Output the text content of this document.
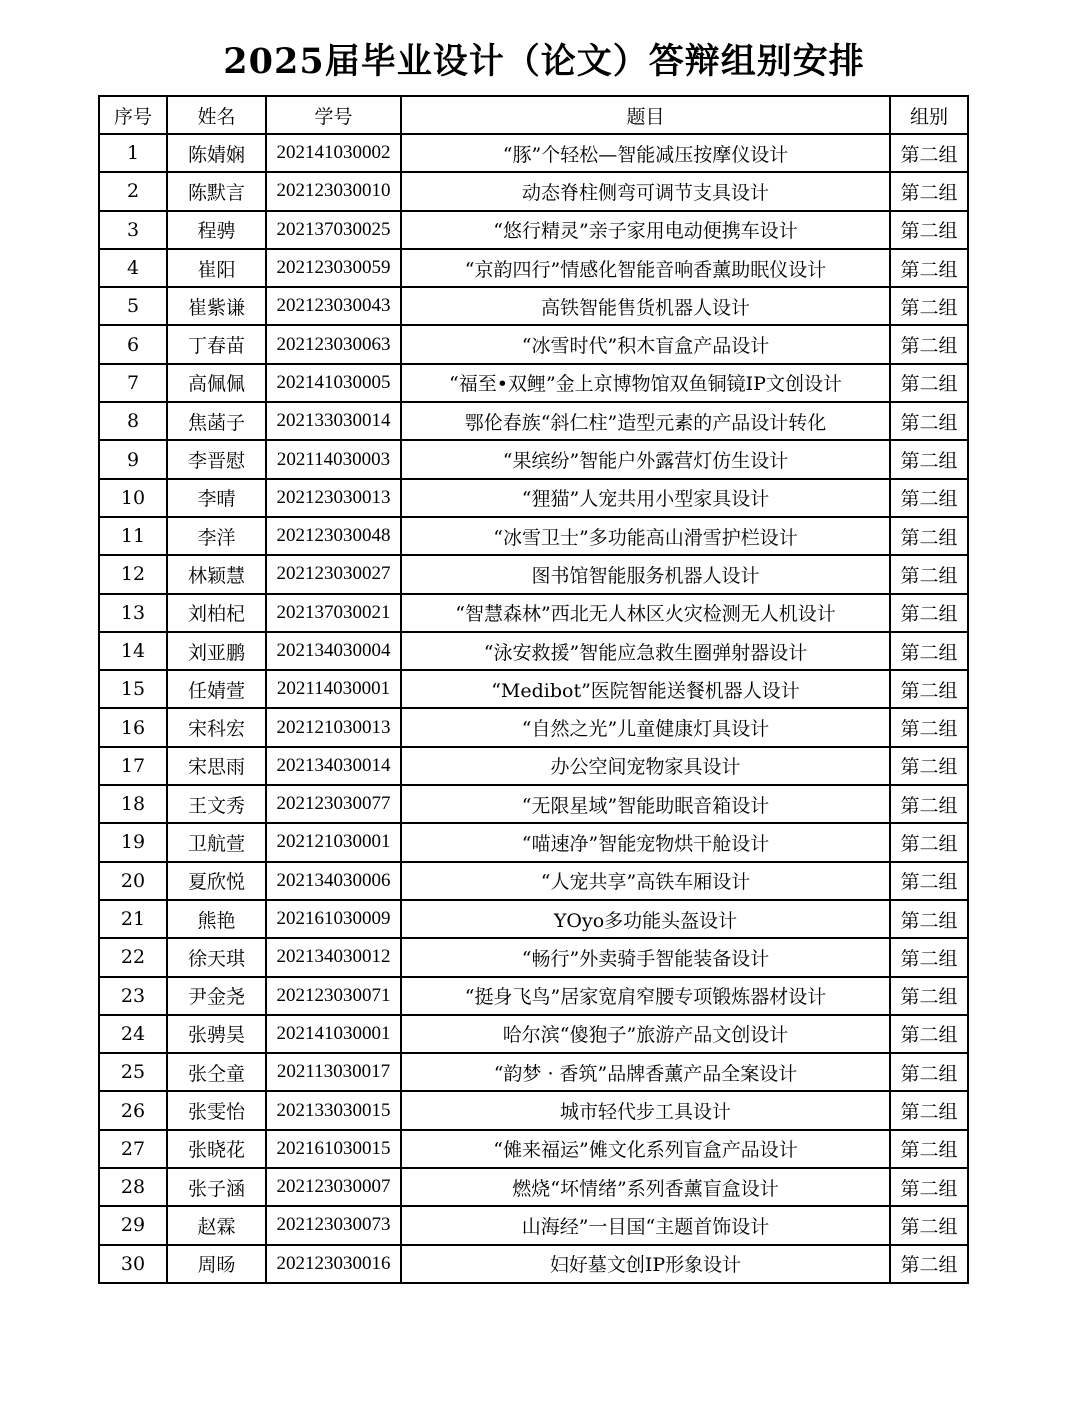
2025届毕业设计（论文）答辩组别安排
序号	姓名	学号	题目	组别
1	陈婧娴	202141030002	“豚”个轻松—智能减压按摩仪设计	第二组
2	陈默言	202123030010	动态脊柱侧弯可调节支具设计	第二组
3	程骋	202137030025	“悠行精灵”亲子家用电动便携车设计	第二组
4	崔阳	202123030059	“京韵四行”情感化智能音响香薰助眠仪设计	第二组
5	崔紫谦	202123030043	高铁智能售货机器人设计	第二组
6	丁春苗	202123030063	“冰雪时代”积木盲盒产品设计	第二组
7	高佩佩	202141030005	“福至•双鲤”金上京博物馆双鱼铜镜IP文创设计	第二组
8	焦菡子	202133030014	鄂伦春族“斜仁柱”造型元素的产品设计转化	第二组
9	李晋慰	202114030003	“果缤纷”智能户外露营灯仿生设计	第二组
10	李晴	202123030013	“狸猫”人宠共用小型家具设计	第二组
11	李洋	202123030048	“冰雪卫士”多功能高山滑雪护栏设计	第二组
12	林颖慧	202123030027	图书馆智能服务机器人设计	第二组
13	刘柏杞	202137030021	“智慧森林”西北无人林区火灾检测无人机设计	第二组
14	刘亚鹏	202134030004	“泳安救援”智能应急救生圈弹射器设计	第二组
15	任婧萱	202114030001	“Medibot”医院智能送餐机器人设计	第二组
16	宋科宏	202121030013	“自然之光”儿童健康灯具设计	第二组
17	宋思雨	202134030014	办公空间宠物家具设计	第二组
18	王文秀	202123030077	“无限星域”智能助眠音箱设计	第二组
19	卫航萱	202121030001	“喵速净”智能宠物烘干舱设计	第二组
20	夏欣悦	202134030006	“人宠共享”高铁车厢设计	第二组
21	熊艳	202161030009	YOyo多功能头盔设计	第二组
22	徐天琪	202134030012	“畅行”外卖骑手智能装备设计	第二组
23	尹金尧	202123030071	“挺身飞鸟”居家宽肩窄腰专项锻炼器材设计	第二组
24	张骋昊	202141030001	哈尔滨“傻狍子”旅游产品文创设计	第二组
25	张仝童	202113030017	“韵梦 · 香筑”品牌香薰产品全案设计	第二组
26	张雯怡	202133030015	城市轻代步工具设计	第二组
27	张晓花	202161030015	“傩来福运”傩文化系列盲盒产品设计	第二组
28	张子涵	202123030007	燃烧“坏情绪”系列香薰盲盒设计	第二组
29	赵霖	202123030073	山海经”一目国“主题首饰设计	第二组
30	周旸	202123030016	妇好墓文创IP形象设计	第二组
